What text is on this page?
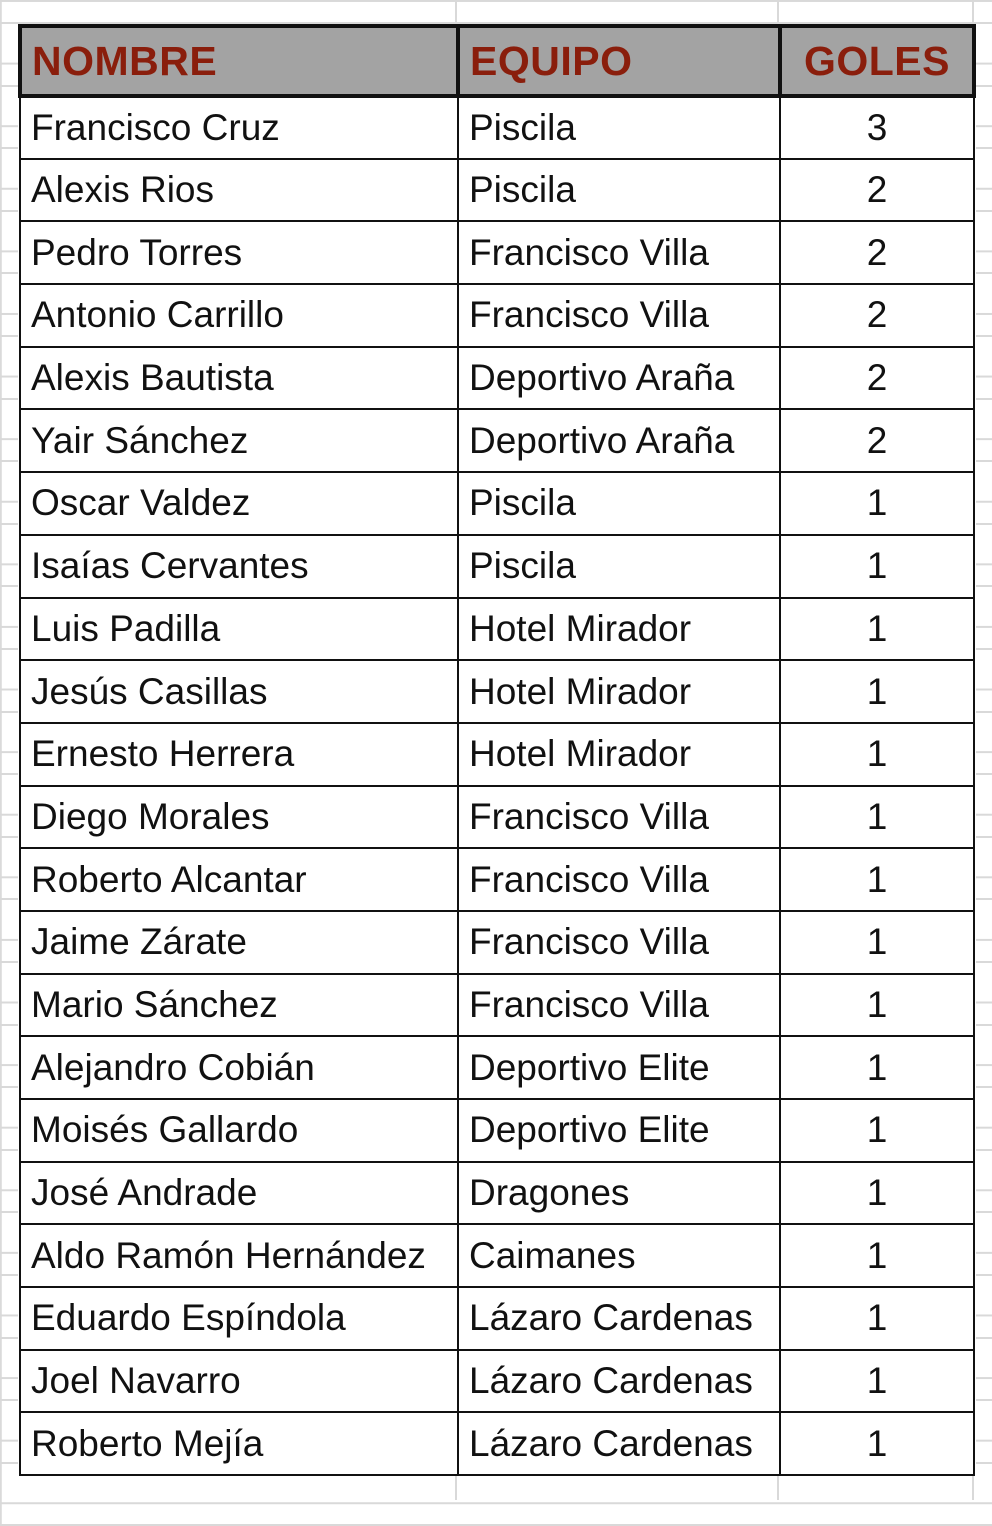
NOMBRE	EQUIPO	GOLES
Francisco Cruz	Piscila	3
Alexis Rios	Piscila	2
Pedro Torres	Francisco Villa	2
Antonio Carrillo	Francisco Villa	2
Alexis Bautista	Deportivo Araña	2
Yair Sánchez	Deportivo Araña	2
Oscar Valdez	Piscila	1
Isaías Cervantes	Piscila	1
Luis Padilla	Hotel Mirador	1
Jesús Casillas	Hotel Mirador	1
Ernesto Herrera	Hotel Mirador	1
Diego Morales	Francisco Villa	1
Roberto Alcantar	Francisco Villa	1
Jaime Zárate	Francisco Villa	1
Mario Sánchez	Francisco Villa	1
Alejandro Cobián	Deportivo Elite	1
Moisés Gallardo	Deportivo Elite	1
José Andrade	Dragones	1
Aldo Ramón Hernández	Caimanes	1
Eduardo Espíndola	Lázaro Cardenas	1
Joel Navarro	Lázaro Cardenas	1
Roberto Mejía	Lázaro Cardenas	1
